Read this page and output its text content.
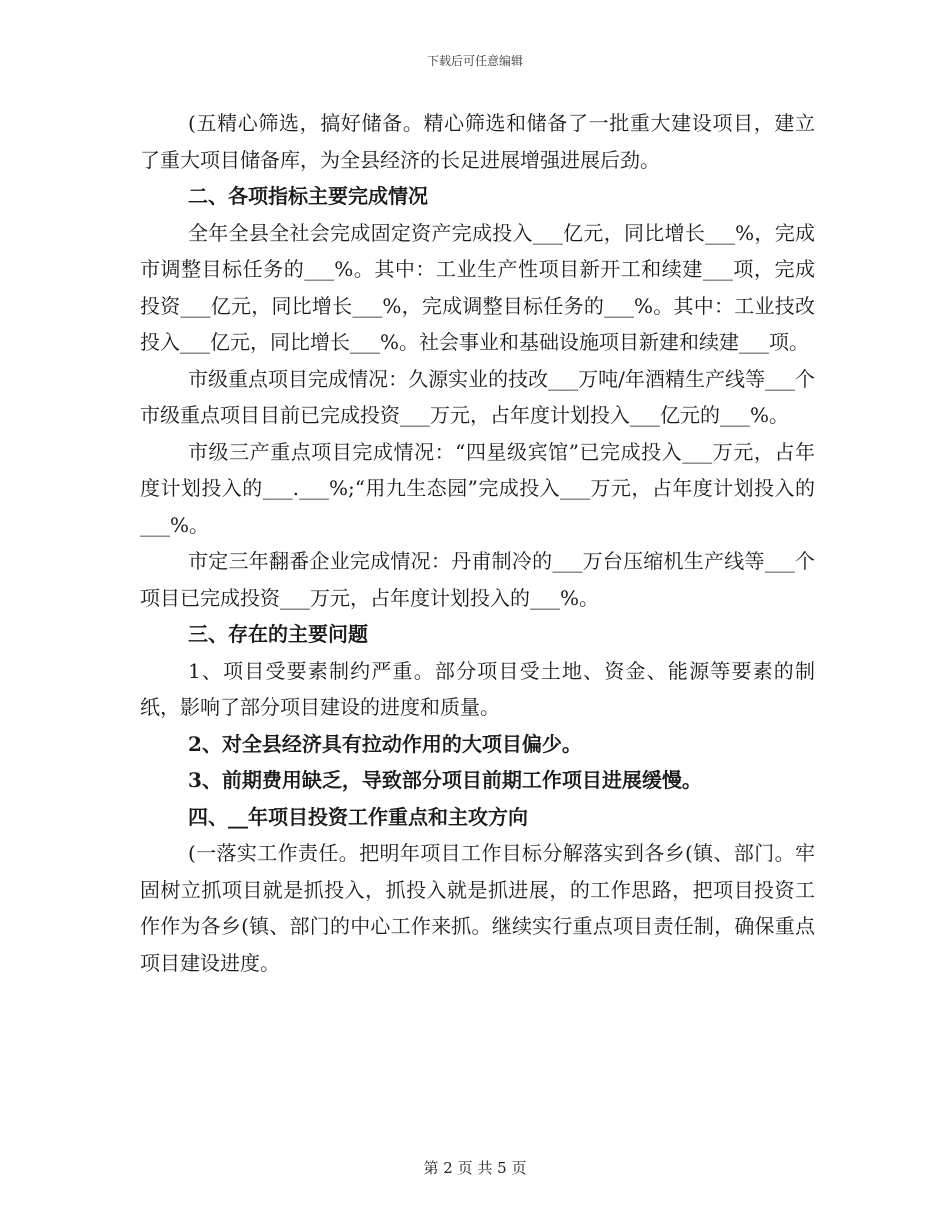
下载后可任意编辑

(五精心筛选，搞好储备。精心筛选和储备了一批重大建设项目，建立了重大项目储备库，为全县经济的长足进展增强进展后劲。

二、各项指标主要完成情况

全年全县全社会完成固定资产完成投入___亿元，同比增长___%，完成市调整目标任务的___%。其中：工业生产性项目新开工和续建___项，完成投资___亿元，同比增长___%，完成调整目标任务的___%。其中：工业技改投入___亿元，同比增长___%。社会事业和基础设施项目新建和续建___项。

市级重点项目完成情况：久源实业的技改___万吨/年酒精生产线等___个市级重点项目目前已完成投资___万元，占年度计划投入___亿元的___%。

市级三产重点项目完成情况：“四星级宾馆”已完成投入___万元，占年度计划投入的___.___%;“用九生态园”完成投入___万元，占年度计划投入的___%。

市定三年翻番企业完成情况：丹甫制冷的___万台压缩机生产线等___个项目已完成投资___万元，占年度计划投入的___%。

三、存在的主要问题

1、项目受要素制约严重。部分项目受土地、资金、能源等要素的制纸，影响了部分项目建设的进度和质量。

2、对全县经济具有拉动作用的大项目偏少。

3、前期费用缺乏，导致部分项目前期工作项目进展缓慢。

四、__年项目投资工作重点和主攻方向

(一落实工作责任。把明年项目工作目标分解落实到各乡(镇、部门。牢固树立抓项目就是抓投入，抓投入就是抓进展，的工作思路，把项目投资工作作为各乡(镇、部门的中心工作来抓。继续实行重点项目责任制，确保重点项目建设进度。

第 2 页 共 5 页
